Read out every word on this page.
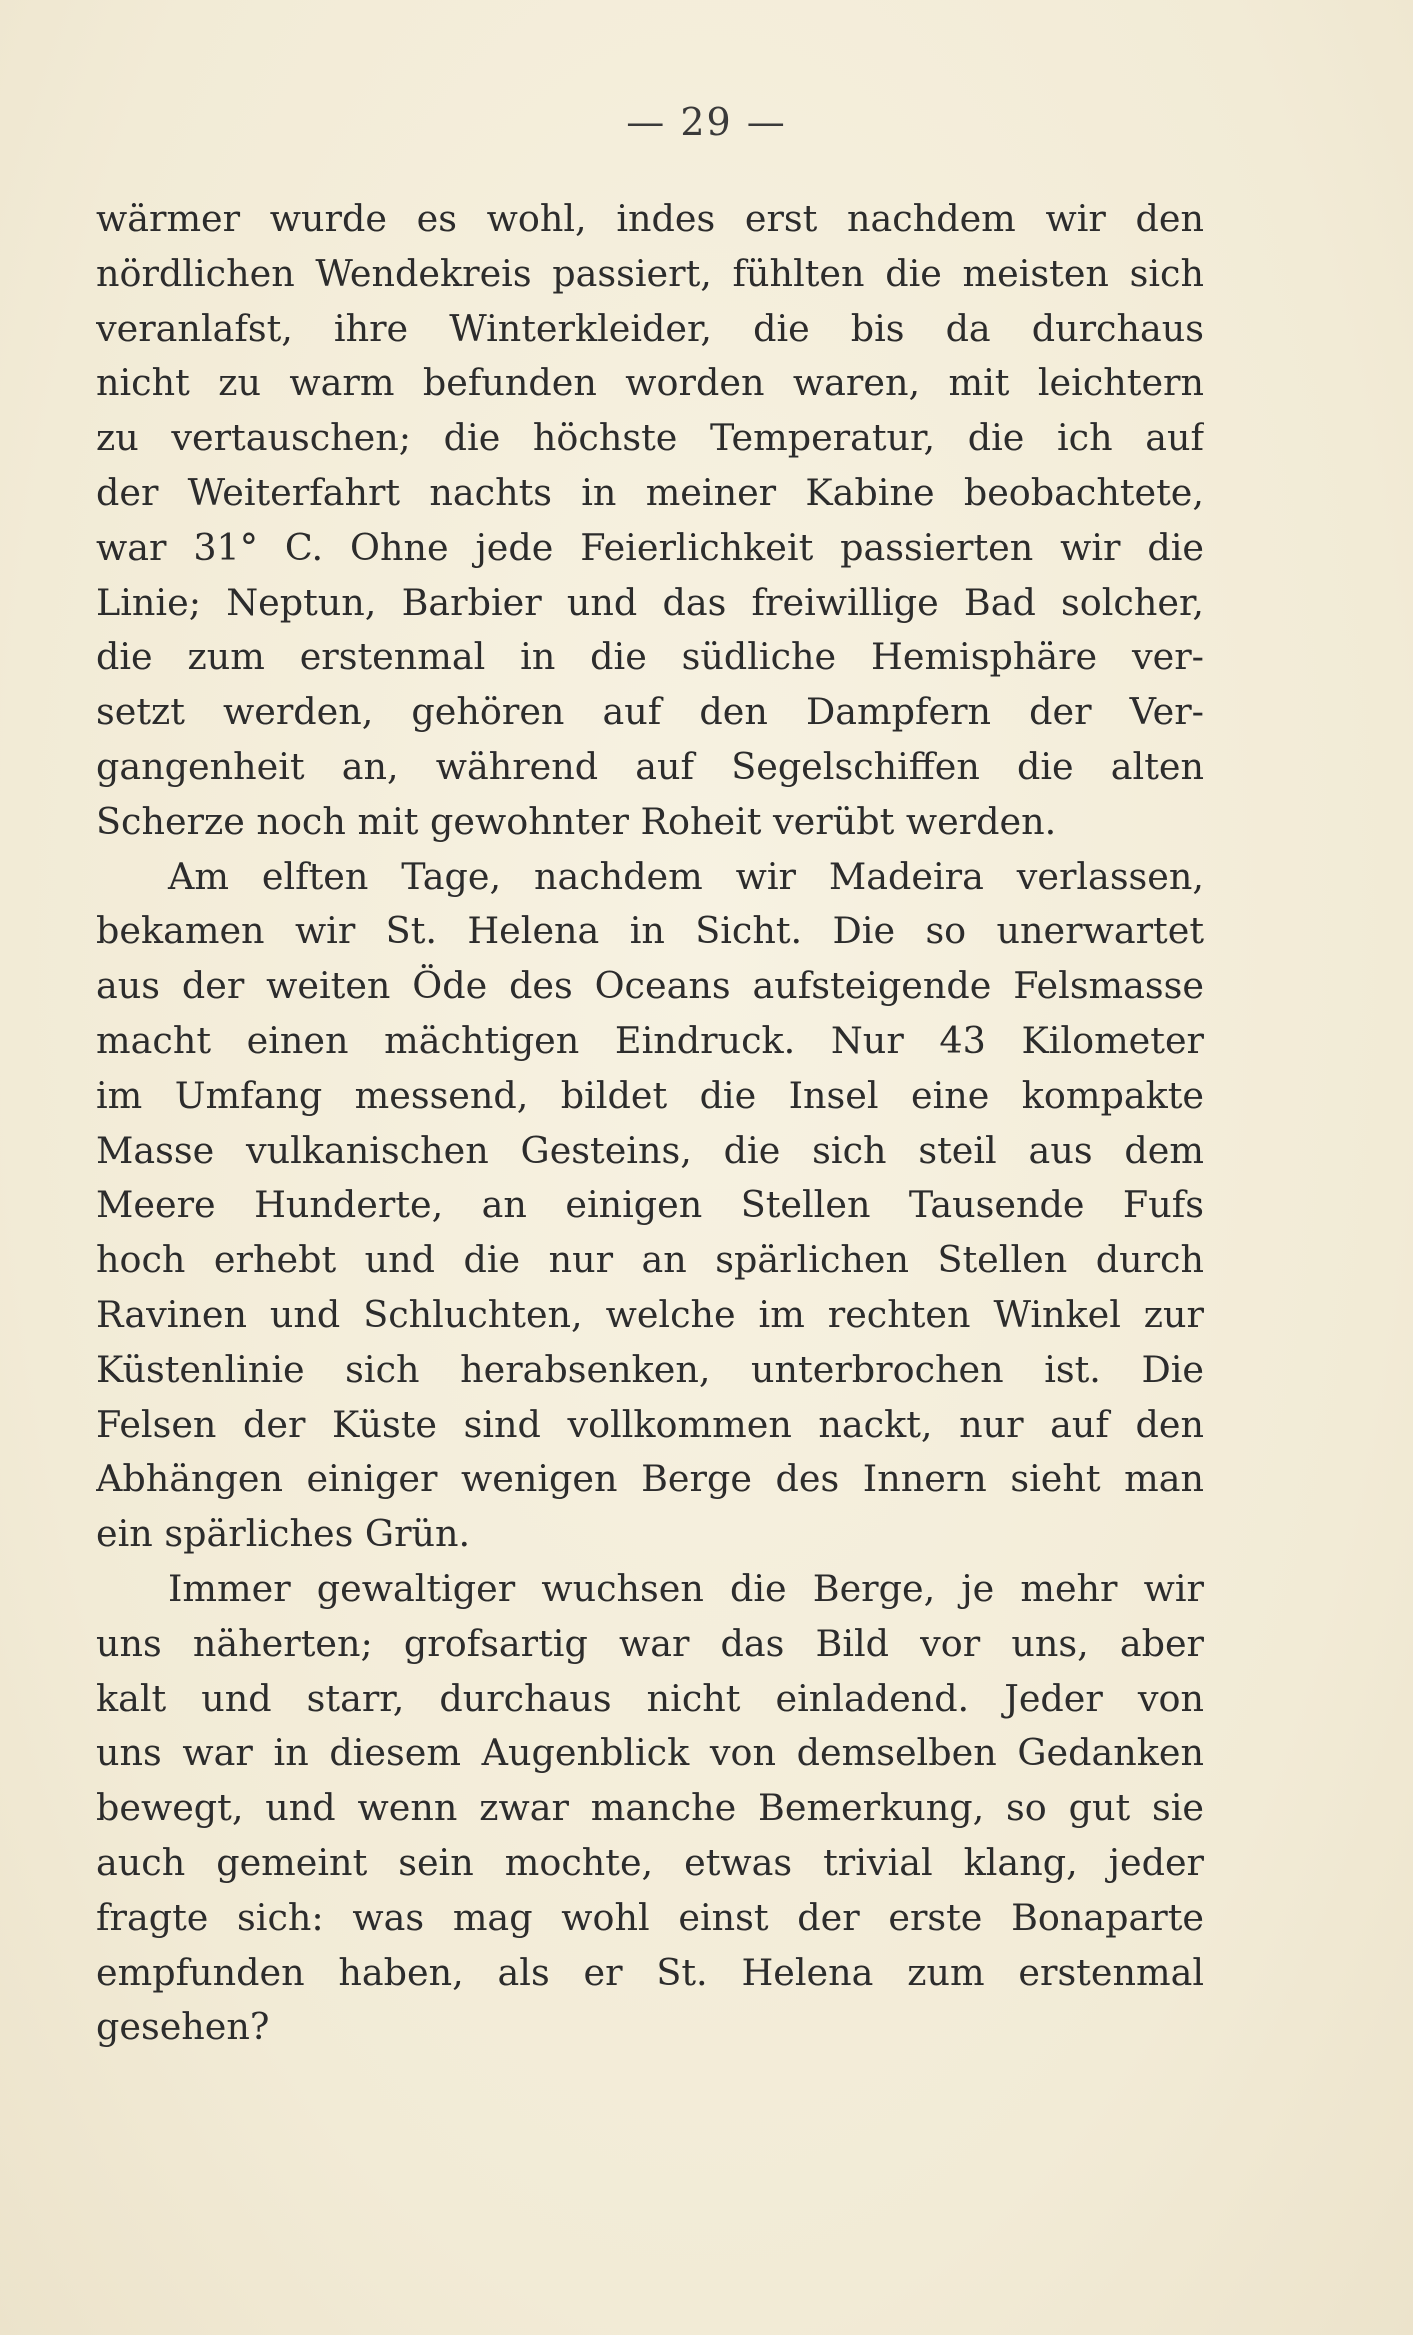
— 29 —
wärmer wurde es wohl, indes erst nachdem wir den
nördlichen Wendekreis passiert, fühlten die meisten sich
veranlafst, ihre Winterkleider, die bis da durchaus
nicht zu warm befunden worden waren, mit leichtern
zu vertauschen; die höchste Temperatur, die ich auf
der Weiterfahrt nachts in meiner Kabine beobachtete,
war 31° C. Ohne jede Feierlichkeit passierten wir die
Linie; Neptun, Barbier und das freiwillige Bad solcher,
die zum erstenmal in die südliche Hemisphäre ver-
setzt werden, gehören auf den Dampfern der Ver-
gangenheit an, während auf Segelschiffen die alten
Scherze noch mit gewohnter Roheit verübt werden.
Am elften Tage, nachdem wir Madeira verlassen,
bekamen wir St. Helena in Sicht. Die so unerwartet
aus der weiten Öde des Oceans aufsteigende Felsmasse
macht einen mächtigen Eindruck. Nur 43 Kilometer
im Umfang messend, bildet die Insel eine kompakte
Masse vulkanischen Gesteins, die sich steil aus dem
Meere Hunderte, an einigen Stellen Tausende Fufs
hoch erhebt und die nur an spärlichen Stellen durch
Ravinen und Schluchten, welche im rechten Winkel zur
Küstenlinie sich herabsenken, unterbrochen ist. Die
Felsen der Küste sind vollkommen nackt, nur auf den
Abhängen einiger wenigen Berge des Innern sieht man
ein spärliches Grün.
Immer gewaltiger wuchsen die Berge, je mehr wir
uns näherten; grofsartig war das Bild vor uns, aber
kalt und starr, durchaus nicht einladend. Jeder von
uns war in diesem Augenblick von demselben Gedanken
bewegt, und wenn zwar manche Bemerkung, so gut sie
auch gemeint sein mochte, etwas trivial klang, jeder
fragte sich: was mag wohl einst der erste Bonaparte
empfunden haben, als er St. Helena zum erstenmal
gesehen?
